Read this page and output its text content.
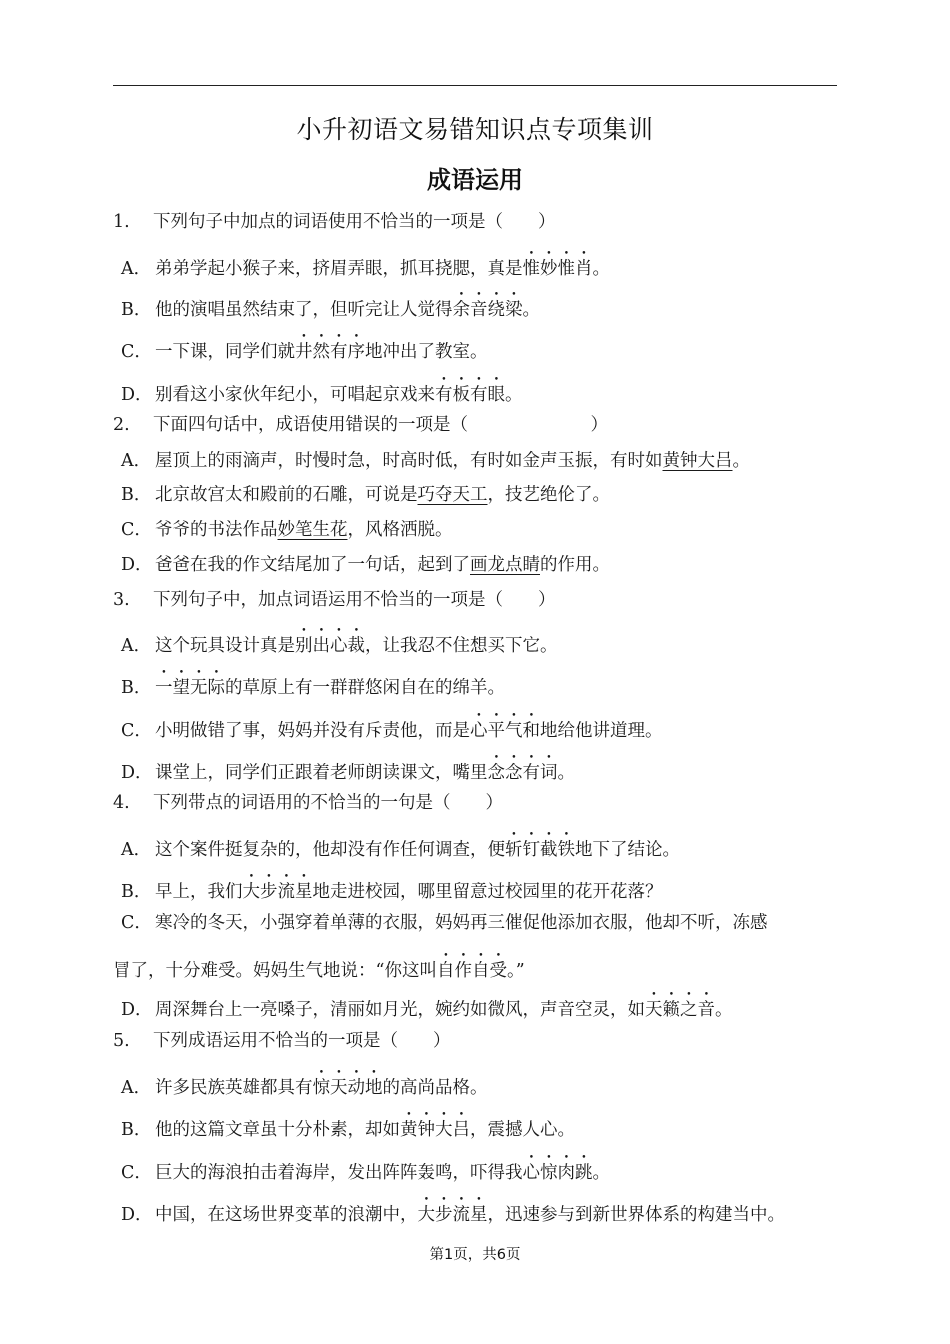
小升初语文易错知识点专项集训
成语运用
1. 下列句子中加点的词语使用不恰当的一项是（　　）
A． 弟弟学起小猴子来，挤眉弄眼，抓耳挠腮，真是惟妙惟肖。
B． 他的演唱虽然结束了，但听完让人觉得余音绕梁。
C． 一下课，同学们就井然有序地冲出了教室。
D． 别看这小家伙年纪小，可唱起京戏来有板有眼。
2. 下面四句话中，成语使用错误的一项是（　　　　　　　）
A． 屋顶上的雨滴声，时慢时急，时高时低，有时如金声玉振，有时如黄钟大吕。
B． 北京故宫太和殿前的石雕，可说是巧夺天工，技艺绝伦了。
C． 爷爷的书法作品妙笔生花，风格洒脱。
D． 爸爸在我的作文结尾加了一句话，起到了画龙点睛的作用。
3. 下列句子中，加点词语运用不恰当的一项是（　　）
A． 这个玩具设计真是别出心裁，让我忍不住想买下它。
B． 一望无际的草原上有一群群悠闲自在的绵羊。
C． 小明做错了事，妈妈并没有斥责他，而是心平气和地给他讲道理。
D． 课堂上，同学们正跟着老师朗读课文，嘴里念念有词。
4. 下列带点的词语用的不恰当的一句是（　　）
A． 这个案件挺复杂的，他却没有作任何调查，便斩钉截铁地下了结论。
B． 早上，我们大步流星地走进校园，哪里留意过校园里的花开花落？
C． 寒冷的冬天，小强穿着单薄的衣服，妈妈再三催促他添加衣服，他却不听，冻感
冒了，十分难受。妈妈生气地说：“你这叫自作自受。”
D． 周深舞台上一亮嗓子，清丽如月光，婉约如微风，声音空灵，如天籁之音。
5. 下列成语运用不恰当的一项是（　　）
A． 许多民族英雄都具有惊天动地的高尚品格。
B． 他的这篇文章虽十分朴素，却如黄钟大吕，震撼人心。
C． 巨大的海浪拍击着海岸，发出阵阵轰鸣，吓得我心惊肉跳。
D． 中国，在这场世界变革的浪潮中，大步流星，迅速参与到新世界体系的构建当中。
第1页，共6页
